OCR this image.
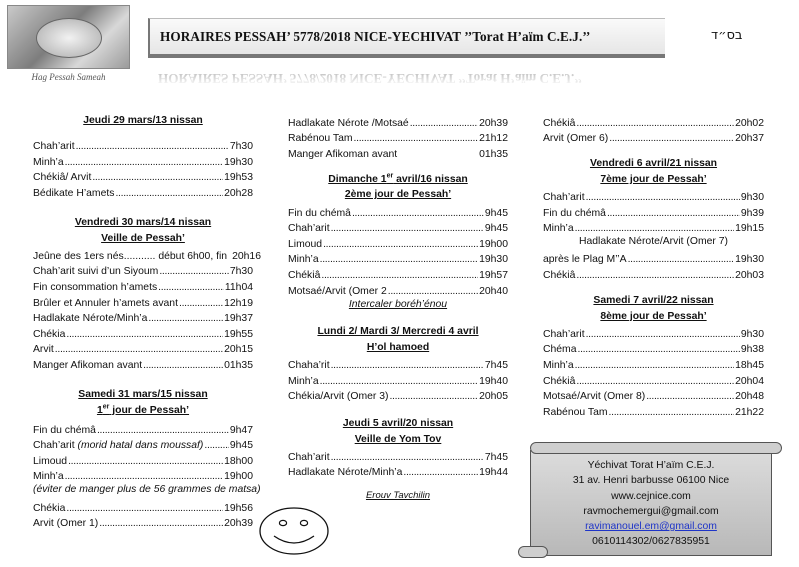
Hag Pessah Sameah
HORAIRES PESSAH’ 5778/2018 NICE-YECHIVAT ’’Torat H’aïm C.E.J.’’
HORAIRES PESSAH’ 5778/2018 NICE-YECHIVAT ’’Torat H’aïm C.E.J.’’
בס״ד
Jeudi 29 mars/13 nissan
Chah’arit .....	7h30
Minh’a .....	19h30
Chékiâ/ Arvit .....	19h53
Bédikate H’amets .....	20h28
Vendredi 30 mars/14 nissan
Veille de Pessah’
Jeûne des 1ers nés........... début 6h00, fin 20h16
Chah’arit suivi d’un Siyoum .....	7h30
Fin consommation h’amets .....	11h04
Brûler et Annuler h’amets avant .....	12h19
Hadlakate Nérote/Minh’a .....	19h37
Chékia .....	19h55
Arvit .....	20h15
Manger Afikoman avant .....	01h35
Samedi 31 mars/15 nissan
1er jour de Pessah’
Fin du chémâ .....	9h47
Chah’arit
(morid hatal dans moussaf) .....	9h45
Limoud .....	18h00
Minh’a .....	19h00
(éviter de manger plus de 56 grammes de matsa)
Chékia .....	19h56
Arvit (Omer 1) .....	20h39
Hadlakate Nérote /Motsaé .....	20h39
Rabénou Tam .....	21h12
Manger Afikoman avant	01h35
Dimanche 1er avril/16 nissan
2ème jour de Pessah’
Fin du chémâ .....	9h45
Chah’arit .....	9h45
Limoud .....	19h00
Minh’a .....	19h30
Chékiâ .....	19h57
Motsaé/Arvit (Omer 2 .....	20h40
Intercaler boréh’énou
Lundi 2/ Mardi 3/ Mercredi 4 avril
H’ol hamoed
Chaha’rit .....	7h45
Minh’a .....	19h40
Chékia/Arvit (Omer 3) .....	20h05
Jeudi 5 avril/20 nissan
Veille de Yom Tov
Chah’arit .....	7h45
Hadlakate Nérote/Minh’a .....	19h44
Erouv Tavchilin
Chékiâ .....	20h02
Arvit (Omer 6) .....	20h37
Vendredi 6 avril/21 nissan
7ème jour de Pessah’
Chah’arit .....	9h30
Fin du chémâ .....	9h39
Minh’a .....	19h15
Hadlakate Nérote/Arvit (Omer 7)
après le Plag M’’A .....	19h30
Chékiâ .....	20h03
Samedi 7 avril/22 nissan
8ème jour de Pessah’
Chah’arit .....	9h30
Chéma .....	9h38
Minh’a .....	18h45
Chékiâ .....	20h04
Motsaé/Arvit (Omer 8) .....	20h48
Rabénou Tam .....	21h22
Yéchivat Torat H’aïm C.E.J.
31 av. Henri barbusse 06100 Nice
www.cejnice.com
ravmochemergui@gmail.com
ravimanouel.em@gmail.com
0610114302/0627835951
